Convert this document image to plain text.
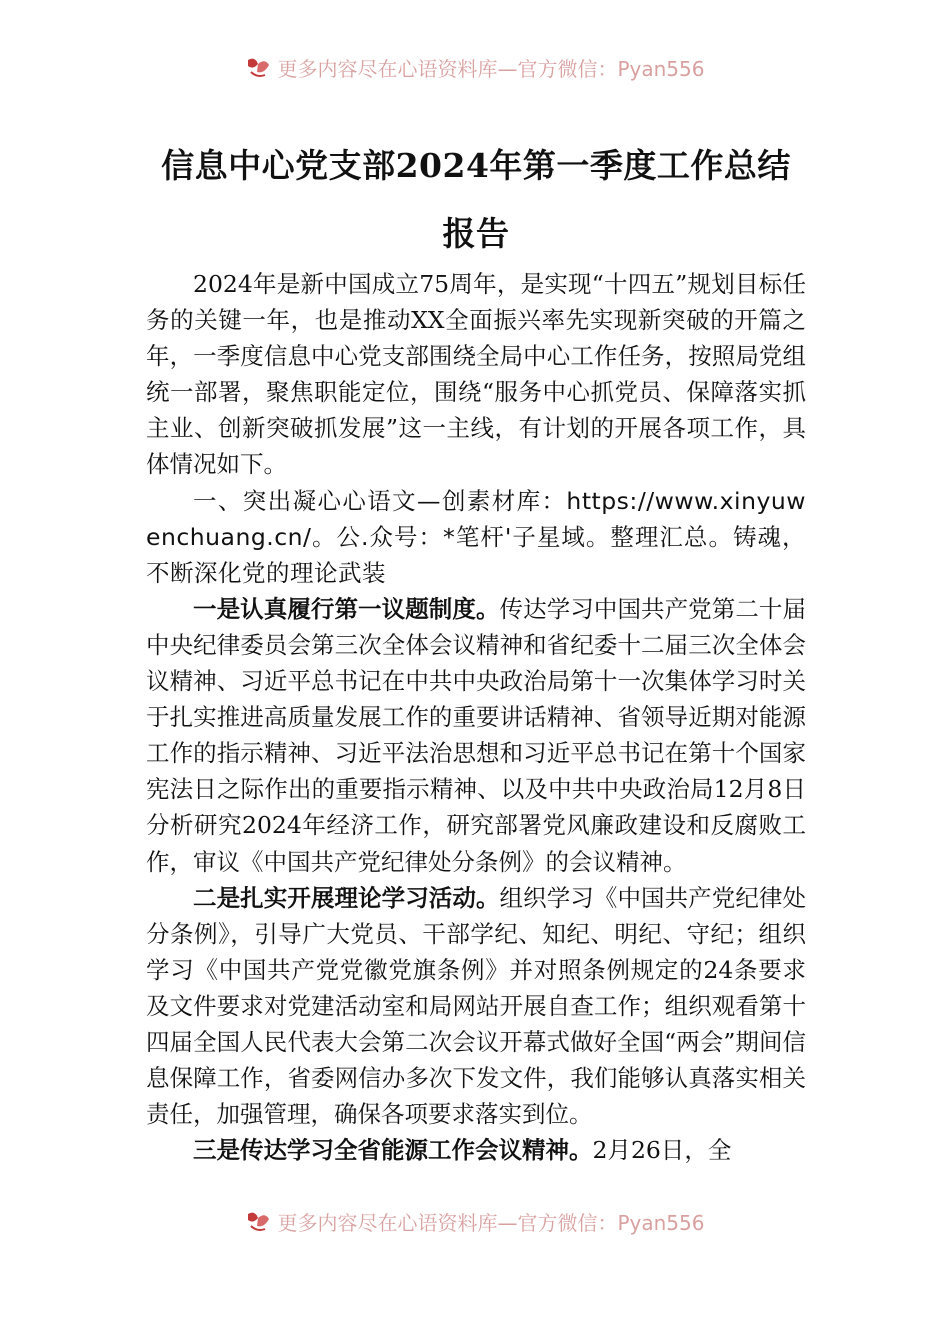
更多内容尽在心语资料库—官方微信：Pyan556
信息中心党支部2024年第一季度工作总结
报告

2024年是新中国成立75周年，是实现“十四五”规划目标任务的关键一年，也是推动XX全面振兴率先实现新突破的开篇之年，一季度信息中心党支部围绕全局中心工作任务，按照局党组统一部署，聚焦职能定位，围绕“服务中心抓党员、保障落实抓主业、创新突破抓发展”这一主线，有计划的开展各项工作，具体情况如下。

一、突出凝心心语文—创素材库：https://www.xinyuwenchuang.cn/。公.众号：*笔杆'子星域。整理汇总。铸魂，不断深化党的理论武装

一是认真履行第一议题制度。传达学习中国共产党第二十届中央纪律委员会第三次全体会议精神和省纪委十二届三次全体会议精神、习近平总书记在中共中央政治局第十一次集体学习时关于扎实推进高质量发展工作的重要讲话精神、省领导近期对能源工作的指示精神、习近平法治思想和习近平总书记在第十个国家宪法日之际作出的重要指示精神、以及中共中央政治局12月8日分析研究2024年经济工作，研究部署党风廉政建设和反腐败工作，审议《中国共产党纪律处分条例》的会议精神。

二是扎实开展理论学习活动。组织学习《中国共产党纪律处分条例》，引导广大党员、干部学纪、知纪、明纪、守纪；组织学习《中国共产党党徽党旗条例》并对照条例规定的24条要求及文件要求对党建活动室和局网站开展自查工作；组织观看第十四届全国人民代表大会第二次会议开幕式做好全国“两会”期间信息保障工作，省委网信办多次下发文件，我们能够认真落实相关责任，加强管理，确保各项要求落实到位。

三是传达学习全省能源工作会议精神。2月26日，全

更多内容尽在心语资料库—官方微信：Pyan556
